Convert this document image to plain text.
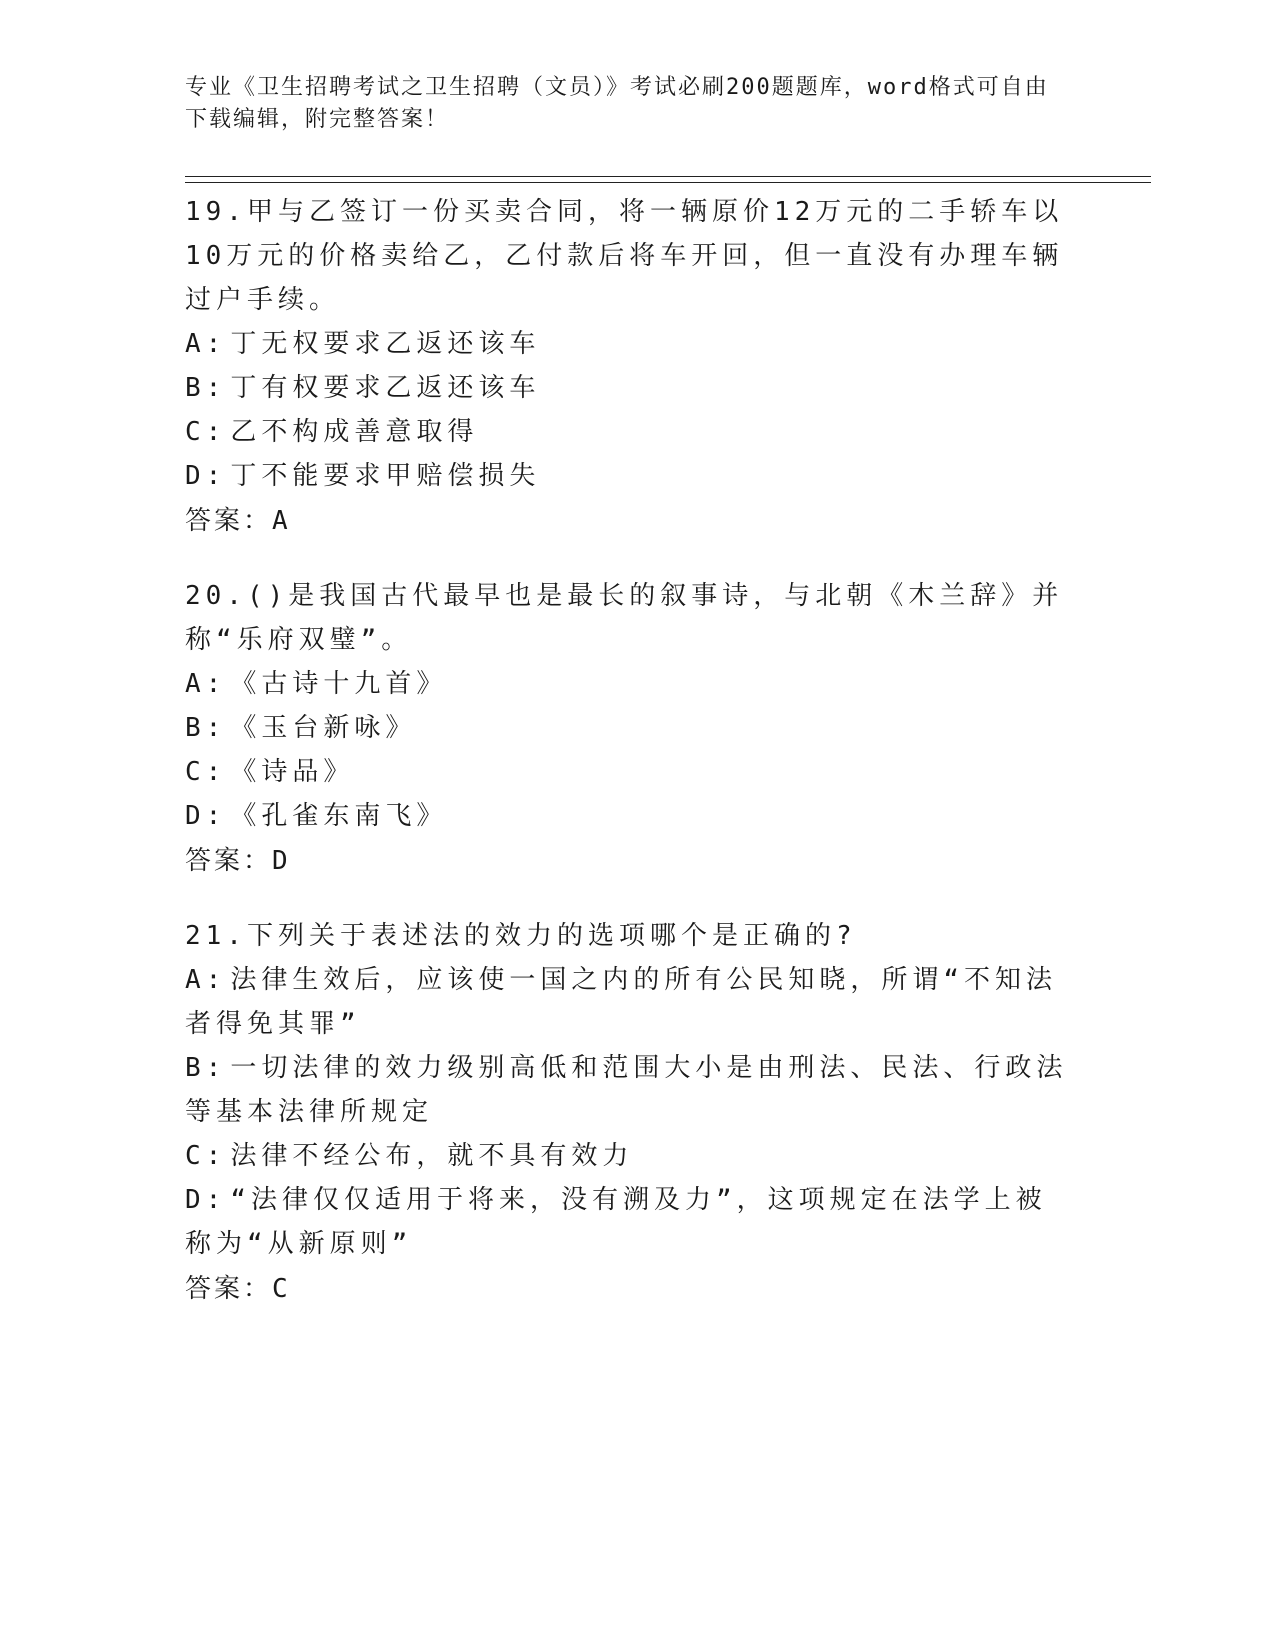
专业《卫生招聘考试之卫生招聘（文员）》考试必刷200题题库，word格式可自由下载编辑，附完整答案！

19.甲与乙签订一份买卖合同，将一辆原价12万元的二手轿车以10万元的价格卖给乙，乙付款后将车开回，但一直没有办理车辆过户手续。

A: 丁无权要求乙返还该车

B: 丁有权要求乙返还该车

C: 乙不构成善意取得

D: 丁不能要求甲赔偿损失

答案：A

20.()是我国古代最早也是最长的叙事诗，与北朝《木兰辞》并称“乐府双璧”。

A: 《古诗十九首》

B: 《玉台新咏》

C: 《诗品》

D: 《孔雀东南飞》

答案：D

21.下列关于表述法的效力的选项哪个是正确的?

A: 法律生效后，应该使一国之内的所有公民知晓，所谓“不知法者得免其罪”

B: 一切法律的效力级别高低和范围大小是由刑法、民法、行政法等基本法律所规定

C: 法律不经公布，就不具有效力

D: “法律仅仅适用于将来，没有溯及力”，这项规定在法学上被称为“从新原则”

答案：C
